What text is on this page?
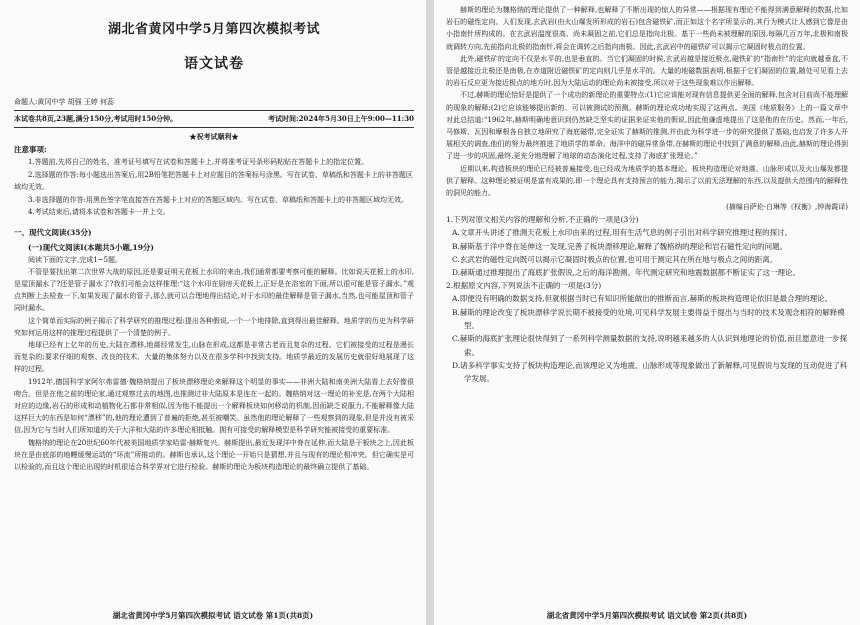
湖北省黄冈中学5月第四次模拟考试
语文试卷
命题人:黄冈中学 胡强 王婷 何蕊
本试卷共8页,23题,满分150分,考试用时150分钟。	考试时间:2024年5月30日上午9:00—11:30
★祝考试顺利★
注意事项:

1.答题前,先将自己的姓名、准考证号填写在试卷和答题卡上,并将准考证号条形码粘贴在答题卡上的指定位置。

2.选择题的作答:每小题选出答案后,用2B铅笔把答题卡上对应题目的答案标号涂黑。写在试卷、草稿纸和答题卡上的非答题区域均无效。

3.非选择题的作答:用黑色签字笔直接答在答题卡上对应的答题区域内。写在试卷、草稿纸和答题卡上的非答题区域均无效。

4.考试结束后,请将本试卷和答题卡一并上交。

一、现代文阅读(35分)
(一)现代文阅读Ⅰ(本题共5小题,19分)

阅读下面的文字,完成1~5题。

不管是要找出第二次世界大战的原因,还是要证明天花板上水印的来由,我们通常都要考察可能的解释。比如说天花板上的水印,是屋顶漏水了?还是管子漏水了?我们可能会这样推理:“这个水印在厨房天花板上,正好是在浴室的下面,所以很可能是管子漏水。”观点判断上去检查一下,如果发现了漏水的管子,那么就可以合理地得出结论,对于水印的最佳解释是管子漏水,当然,也可能屋顶和管子同时漏水。

这个简单而实际的例子揭示了科学研究的推理过程:提出各种假说,一个一个地排除,直到得出最佳解释。地质学的历史为科学研究如何运用这样的推理过程提供了一个清楚的例子。

地球已经有上亿年的历史,大陆在漂移,地震经常发生,山脉在形成,这都是非常古老而且复杂的过程。它们被接受的过程是漫长而复杂的;要求仔细的观察、改良的技术、大量的集体努力以及在很多学科中找到支持。地质学最近的发展历史就很好地展现了这样的过程。

1912年,德国科学家阿尔弗雷德·魏格纳提出了板块漂移理论来解释这个明显的事实——非洲大陆和南美洲大陆看上去好像很吻合。但是在他之前的理论家,通过观察过去的地图,也推测过非大陆原本是连在一起的。魏格纳对这一理论的补充是,在两个大陆相对应的边缘,岩石的形成和动植物化石都非常相似,因为他不能提出一个解释板块如何移动的机制,因而缺乏说服力,不能解释像大陆这样巨大的东西是如何“漂移”的,他的理论遭到了普遍的拒绝,甚至被嘲笑。虽然他的理论解释了一些观察到的现象,但是并没有被采信,因为它与当时人们所知道的关于大洋和大陆的许多理论相抵触。拥有可接受的解释模型是科学研究能被接受的重要标准。

魏格纳的理论在20世纪60年代被美国地质学家哈雷·赫斯复兴。赫斯提出,最近发现洋中脊在延伸,而大陆是于板块之上,因此板块在是由底部的地幔缓慢运动的“环流”所推动的。赫斯也承认,这个理论一开始只是猜想,并且与现有的理论相冲突。但它确实是可以检验的,而且这个理论出现的时机很适合科学界对它进行检验。赫斯的理论为板块构造理论的最终确立提供了基础。

湖北省黄冈中学5月第四次模拟考试 语文试卷 第1页(共8页)

赫斯的理论为魏格纳的理论提供了一种解释,也解释了不断出现的惊人的异常——根据现有理论不能得到满意解释的数据,比如岩石的磁性定向。人们发现,玄武岩(由火山爆发所形成的岩石)包含磁铁矿,而正如这个名字所显示的,其行为模式让人感到它像是由小指南针所构成的。在玄武岩温度很高、尚未凝固之前,它们总是指向北极。基于一些尚未被理解的原因,每隔几百万年,北极和南极就调转方向,先前指向北极的指南针,将会在调转之后指向南极。因此,玄武岩中的磁铁矿可以揭示它凝固时极点的位置。

此外,磁铁矿的定向不仅是水平的,也是垂直的。当它们凝固的时候,玄武岩越是接近极点,磁铁矿的“指南针”的定向就越垂直,不管是越接近北极还是南极,在赤道附近磁铁矿的定向则几乎是水平的。大量的地磁数据表明,根据于它们凝固的位置,随处可见看上去的岩石反应更为接近极点的地方时,因为大陆运动的理论尚未被接受,所以对于这些现象难以作出解释。

不过,赫斯的理论恰好是提供了一个成功的新理论的重要特点:(1)它应该能对现有信息提供更全面的解释,包含对目前尚不能理解的现象的解释;(2)它应该能够提出新的、可以被测试的预测。赫斯的理论成功地实现了这两点。美国《地质服务》上的一篇文章中对此总结道:“1962年,赫斯明确地意识到仍然缺乏坚实的证据来证实他的假说,因此他谦虚地提出了这是他的在历史。然而,一年后,马修斯、瓦因和摩根各自独立地研究了海底磁带,完全证实了赫斯的推测,并由此为科学进一步的研究提供了基础,也启发了许多人开展相关的调查,他们的努力最终推进了地质学的革命。海洋中的磁异常条带,在赫斯的理论中找到了满意的解释,由此,赫斯的理论得到了进一步的巩固,最终,更充分地理解了地球的动态演化过程,支持了海底扩张理论。”

近期以来,构造板块的理论已经被普遍接受,也已经成为地质学的基本理论。板块构造理论对地震、山脉形成以及火山爆发都提供了解释。这种理论被证明是富有成果的,即一个理论具有支持预言的能力,揭示了以前无法理解的东西,以及提供大范围内的解释性的洞见的能力。

(摘编自萨伦·白琳等《权衡》,钟海霞译)

1.下列对原文相关内容的理解和分析,不正确的一项是(3分)

A.文章开头讲述了推测天花板上水印由来的过程,用有生活气息的例子引出对科学研究推理过程的探讨。

B.赫斯基于洋中脊在延伸这一发现,完善了板块漂移理论,解释了魏格纳的理论和岩石磁性定向的问题。

C.玄武岩的磁性定向既可以揭示它凝固时极点的位置,也可用于测定其在所在地与极点之间的距离。

D.赫斯通过推理提出了海底扩张假说,之后的海洋勘测、年代测定研究和地震数据都不断证实了这一理论。

2.根据原文内容,下列说法不正确的一项是(3分)

A.即便没有明确的数据支持,但就根据当时已有知识所能做出的推断而言,赫斯的板块构造理论依旧是最合理的理论。

B.赫斯的理论改变了板块漂移学说长期不被接受的处境,可见科学发展主要得益于提出与当时的技术及观念相符的解释模型。

C.赫斯的海底扩张理论很快得到了一系列科学测量数据的支持,说明越来越多的人认识到地理论的价值,而且愿意进一步探索。

D.诸多科学事实支持了板块构造理论,而该理论又为地震、山脉形成等现象做出了新解释,可见假说与发现的互动促进了科学发展。

湖北省黄冈中学5月第四次模拟考试 语文试卷 第2页(共8页)
